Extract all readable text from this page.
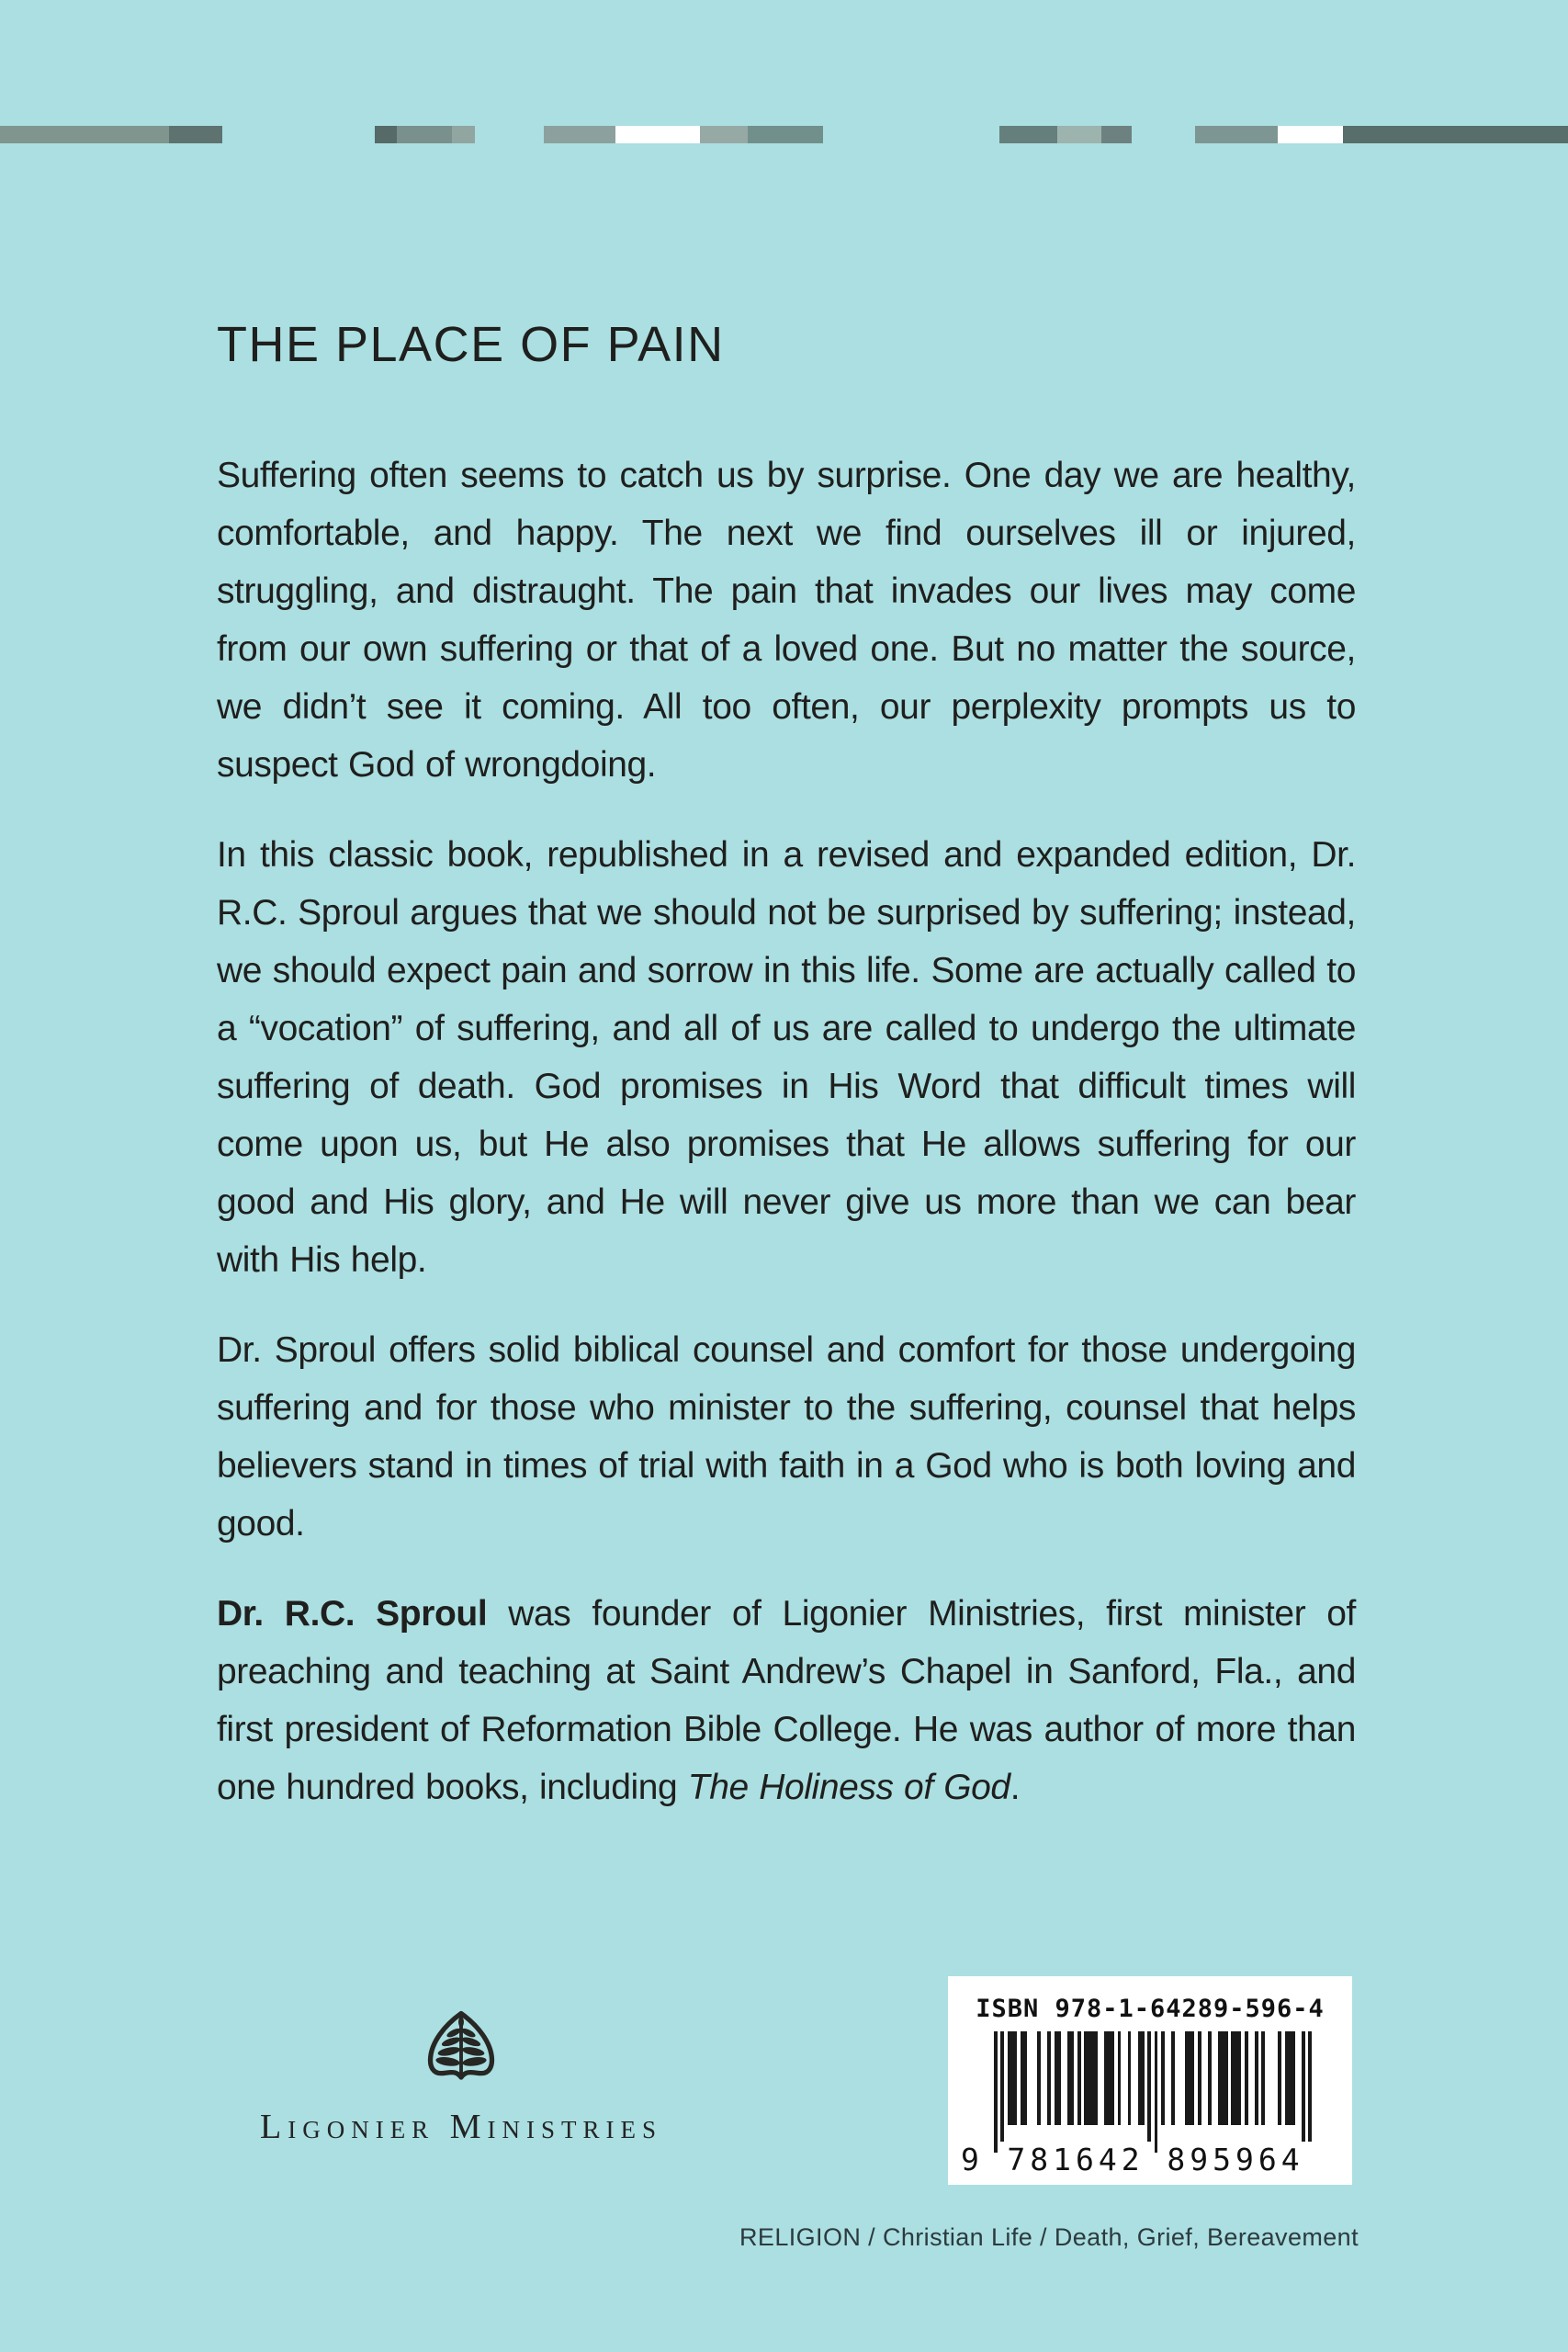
THE PLACE OF PAIN

Suffering often seems to catch us by surprise. One day we are healthy, comfortable, and happy. The next we find ourselves ill or injured, struggling, and distraught. The pain that invades our lives may come from our own suffering or that of a loved one. But no matter the source, we didn’t see it coming. All too often, our perplexity prompts us to suspect God of wrongdoing.

In this classic book, republished in a revised and expanded edition, Dr. R.C. Sproul argues that we should not be surprised by suffering; instead, we should expect pain and sorrow in this life. Some are actually called to a “vocation” of suffering, and all of us are called to undergo the ultimate suffering of death. God promises in His Word that difficult times will come upon us, but He also promises that He allows suffering for our good and His glory, and He will never give us more than we can bear with His help.

Dr. Sproul offers solid biblical counsel and comfort for those undergoing suffering and for those who minister to the suffering, counsel that helps believers stand in times of trial with faith in a God who is both loving and good.

Dr. R.C. Sproul was founder of Ligonier Ministries, first minister of preaching and teaching at Saint Andrew’s Chapel in Sanford, Fla., and first president of Reformation Bible College. He was author of more than one hundred books, including The Holiness of God.

Ligonier Ministries
ISBN 978-1-64289-596-4
9 781642 895964
RELIGION / Christian Life / Death, Grief, Bereavement
